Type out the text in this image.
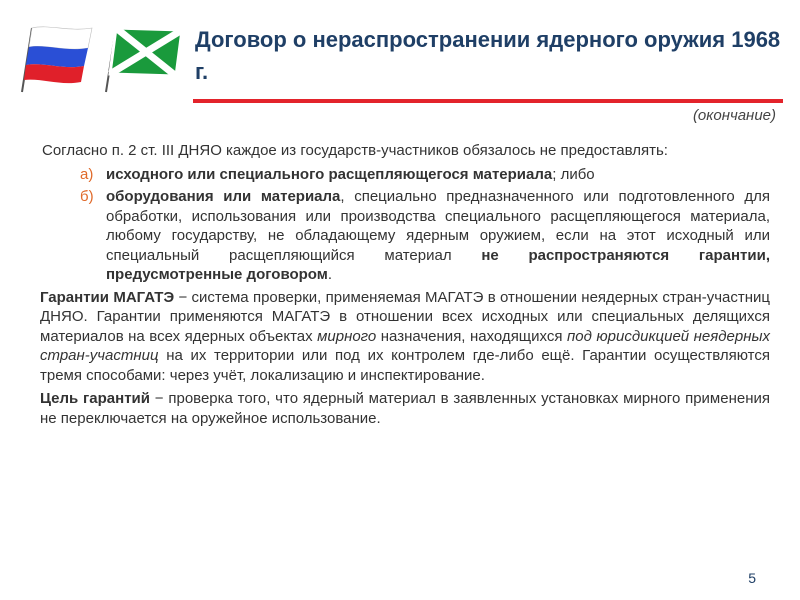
Договор о нераспространении ядерного оружия 1968 г.
(окончание)
Согласно п. 2 ст. III ДНЯО каждое из государств-участников обязалось не предоставлять:
а) исходного или специального расщепляющегося материала; либо
б) оборудования или материала, специально предназначенного или подготовленного для обработки, использования или производства специального расщепляющегося материала, любому государству, не обладающему ядерным оружием, если на этот исходный или специальный расщепляющийся материал не распространяются гарантии, предусмотренные договором.
Гарантии МАГАТЭ − система проверки, применяемая МАГАТЭ в отношении неядерных стран-участниц ДНЯО. Гарантии применяются МАГАТЭ в отношении всех исходных или специальных делящихся материалов на всех ядерных объектах мирного назначения, находящихся под юрисдикцией неядерных стран-участниц на их территории или под их контролем где-либо ещё. Гарантии осуществляются тремя способами: через учёт, локализацию и инспектирование.
Цель гарантий − проверка того, что ядерный материал в заявленных установках мирного применения не переключается на оружейное использование.
5
